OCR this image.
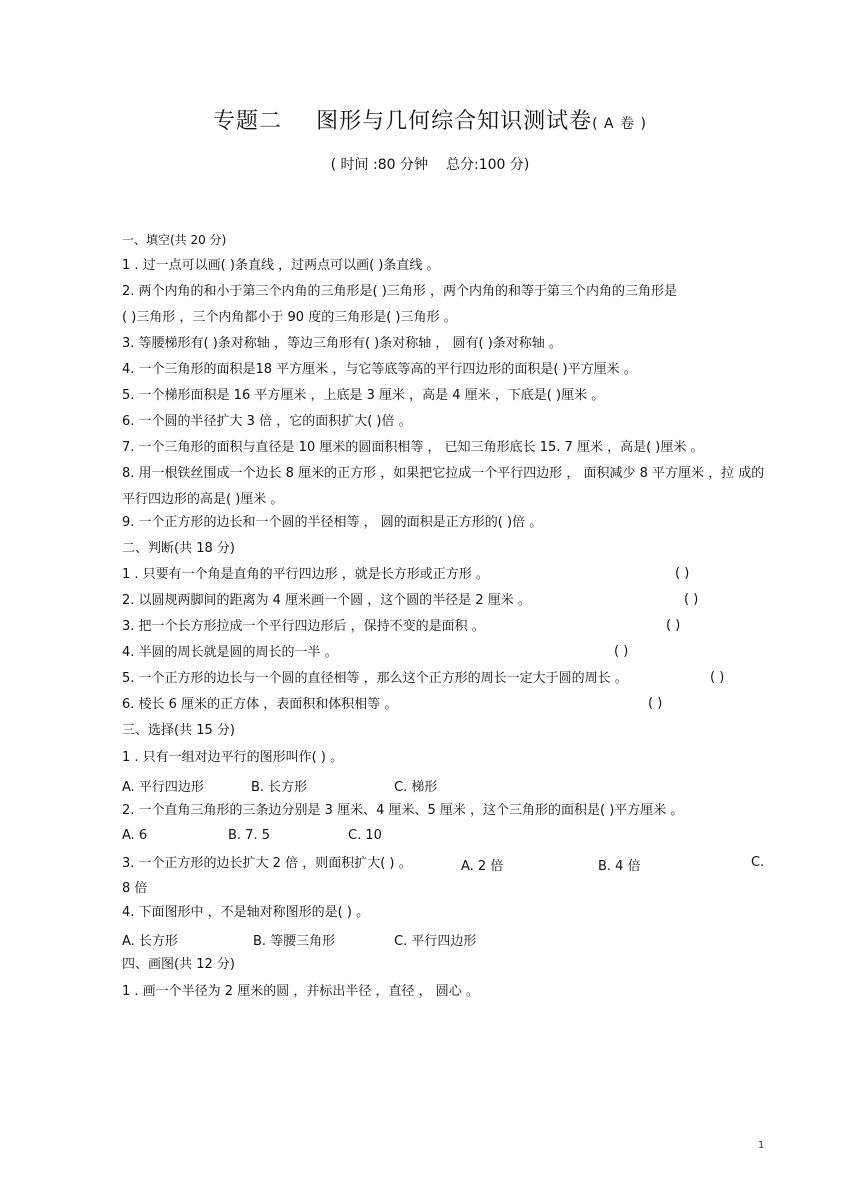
专题二 图形与几何综合知识测试卷( A 卷 )
( 时间 :80 分钟 总分:100 分)
一、填空(共 20 分)
1 . 过一点可以画( )条直线 ，过两点可以画( )条直线 。
2. 两个内角的和小于第三个内角的三角形是( )三角形 ，两个内角的和等于第三个内角的三角形是
( )三角形 ，三个内角都小于 90 度的三角形是( )三角形 。
3. 等腰梯形有( )条对称轴 ，等边三角形有( )条对称轴 ， 圆有( )条对称轴 。
4. 一个三角形的面积是18 平方厘米 ，与它等底等高的平行四边形的面积是( )平方厘米 。
5. 一个梯形面积是 16 平方厘米 ，上底是 3 厘米 ，高是 4 厘米 ，下底是( )厘米 。
6. 一个圆的半径扩大 3 倍 ，它的面积扩大( )倍 。
7. 一个三角形的面积与直径是 10 厘米的圆面积相等 ， 已知三角形底长 15. 7 厘米 ，高是( )厘米 。
8. 用一根铁丝围成一个边长 8 厘米的正方形 ，如果把它拉成一个平行四边形 ， 面积减少 8 平方厘米 ，拉 成的平行四边形的高是( )厘米 。
9. 一个正方形的边长和一个圆的半径相等 ， 圆的面积是正方形的( )倍 。
二、判断(共 18 分)
1 . 只要有一个角是直角的平行四边形 ，就是长方形或正方形 。	( )
2. 以圆规两脚间的距离为 4 厘米画一个圆 ，这个圆的半径是 2 厘米 。	( )
3. 把一个长方形拉成一个平行四边形后 ，保持不变的是面积 。	( )
4. 半圆的周长就是圆的周长的一半 。	( )
5. 一个正方形的边长与一个圆的直径相等 ，那么这个正方形的周长一定大于圆的周长 。	( )
6. 棱长 6 厘米的正方体 ，表面积和体积相等 。	( )
三、选择(共 15 分)
1 . 只有一组对边平行的图形叫作( ) 。
A. 平行四边形	B. 长方形	C. 梯形
2. 一个直角三角形的三条边分别是 3 厘米、4 厘米、5 厘米 ，这个三角形的面积是( )平方厘米 。
A. 6	B. 7. 5	C. 10
3. 一个正方形的边长扩大 2 倍 ，则面积扩大( ) 。	A. 2 倍	B. 4 倍	C.
8 倍
4. 下面图形中 ，不是轴对称图形的是( ) 。
A. 长方形	B. 等腰三角形	C. 平行四边形
四、画图(共 12 分)
1 . 画一个半径为 2 厘米的圆 ，并标出半径 ，直径 ， 圆心 。
1
